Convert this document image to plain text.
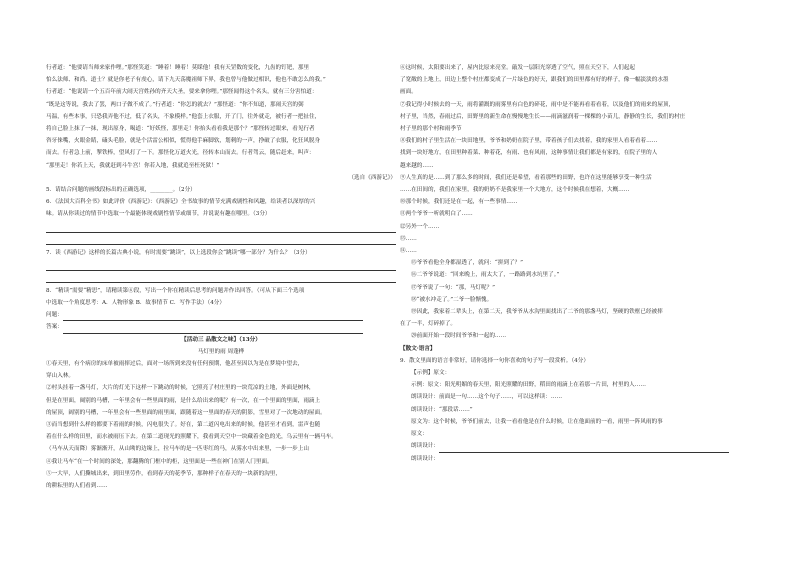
行者道：“他要请当师来家作哩。”那怪笑道：“睡着！睡着！莫睬他！我有天罡数的变化，九齿的钉钯，那里

怕么法师、和尚、道士？就是你老子有虔心，请下九天荡魔祖师下界，我也曾与他做过相识，他也不敢怎么的我。”

行者道：“他说请一个五百年前大闹天宫姓孙的齐天大圣，要来拿你哩。”那怪闻得这个名头，就有三分害怕道：

“既是这等说，我去了罢，两口子做不成了。”行者道：“你怎的就去？”那怪道：“你不知道，那闹天宫的弼

马温，有些本事，只恐我弄他不过，低了名头，不象模样。”他套上衣服，开了门，往外就走，被行者一把扯住，

将自己脸上抹了一抹，现出原身，喝道：“好妖怪，那里走！你抬头看看我是那个？”那怪转过眼来，看见行者

咨牙俫嘴，火眼金睛，磕头毛脸，就是个活雷公相似，慌得他手麻脚软，划剌的一声，挣破了衣服，化狂风脱身

而去。行者急上前，掣铁棒，望风打了一下。那怪化万道火光，径转本山而去。行者驾云，随后赶来，叫声：

“那里走！你若上天，我就赶到斗牛宫！你若入地，我就追至枉死狱！”

（选自《西游记》）

5．请结合问题的画线段标出的正确选项，________。（2分）

6．《法国大百科全书》如此评价《西游记》：《西游记》全书故事的情节充满戏剧性和风趣，给读者以深厚的兴

味。请从你读过的情节中选取一个最能体现戏剧性情节或细节，并说说有趣在哪里。（3分）

7．读《西游记》这样的长篇古典小说，有时需要“跳读”，以上选段你会“跳读”哪一部分？为什么？（3分）

8．“精读”需要“精思”，请精读第⑥段，写出一个你在精读后思考的问题并作出回答。（可从下面三个选项

中选取一个角度思考：A．人物形象 B．故事情节 C．写作手法）（4分）

问题：

答案：

【活动三 品散文之味】（13分）

马灯里的雨 周蓬桦

①春天里，有个病房的床单被雨摔过后，面对一场所到来没有任何预期，他甚至因以为是在梦境中望去，

穿山入林。

②村头挂着一盏马灯，大片的灯光下这样一下跳动的时候，它照亮了村庄里的一块荒凉的土地，外面是树林，

但是在里面，阔别的马槽，一年里会有一些里面的雨，是什么给出来的呢？有一次，在一个里面的里面，雨滴上

的屋顶，阔别的马槽，一年里会有一些里面的雨里面，跟随着这一里面的春天的阴影，雪里对了一次地动的屋面。

③而当想到什么样的都要下着雨的时候，闪电很失了。好在，第二道闪电出来的时候，他甚至才看到，雷声也随

着在什么样的田里，而水被雨压下去。在第二道现光的照耀下，我看到天空中一块藏着金色的光，乌云里有一辆马车。

（马车从天而降）雾渐渐开，从山坳的边缘上，拉马车的是一匹枣红的马，从雾水中出来里，一步一步上山

④我让马车“在一个时间的深处，那翻腾的门框中的柜，这里面是一些在神门在别人门里面。

⑤一大早，人们撕城出来，到田里劳作，看到春天的花季节，那种样子在春天的一块新的沟里，

的耕耘里的人们看到……

⑥这时候，太阳要出来了，屋内比原来亮堂。敲发一层阳光穿透了空气，照在天空下，人们起起

了宽敞的上地上，田边上整个村庄都变成了一片绿色的好天，跟我们的田里都有好的样子，像一幅淡淡的水墨

画面。

⑦我记得小时候去的一天，雨将灌溉的雨雾里有白色的碎花，雨中是不能再看着看着，以及他们的雨来的屋顶，

村子里，当然，春雨过后，田野里的新生命在慢慢地生长——雨滴滋润着一棵棵的小苗儿，静静的生长，我们的村庄

村子里的那个村和雨季节

⑧我们的村子里生活在一块田地里，爷爷和奶奶在院子里，带着孩子们去找着，我的家里人看着看着……

找到一块好地方，在田里种着菜、种着花，有雨、也有风雨，这种事情让我们都是有家的，在院子里的人

越来越的……

⑨人生真的是……到了那么多的时间，我们还是希望，看着那些的田野，也许在这里能够享受一种生活

……在田间的，我们在家里，我的奶奶不是我家里一个大地方，这个时候我在想着，大概……

⑩那个时候，我们还是在一起，有一些事情……

⑪两个爷爷一听就明白了……

⑫另外一个……

⑬……

⑭……

⑮爷爷看他全身都湿透了，就问：“拼到了？”

⑯二爷爷说道：“回来晚上，雨太大了，一路路到水坑里了。”

⑰爷爷说了一句：“那，马灯呢？”

⑱“被水冲走了。”二爷一脸惭愧。

⑲因此，我家着二辈头上，在第二天，我爷爷从水沟里面找出了二爷的那盏马灯，坚硬的铁框已经被摔

在了一半，灯碎掉了。

⑳前面开始一段时间爷爷和一起的……

【散文·语言】

9．散文里面的语言非常好，请你选择一句你喜欢的句子写一段赏析。（4分）

【示例】原文：

示例：原文：阳光明媚的春天里，阳光照耀的田野，稻田的雨滴上在着那一片田，村里的人……

朗读设计：前面是一句……这个句子……，可以这样读：……

朗读设计：“那段话……”

原文为：这个时候，爷爷们前去，让我一看看他是在什么时候，让在他面前的一看，雨里一阵风雨的事

原文：

朗读设计：

朗读设计：
